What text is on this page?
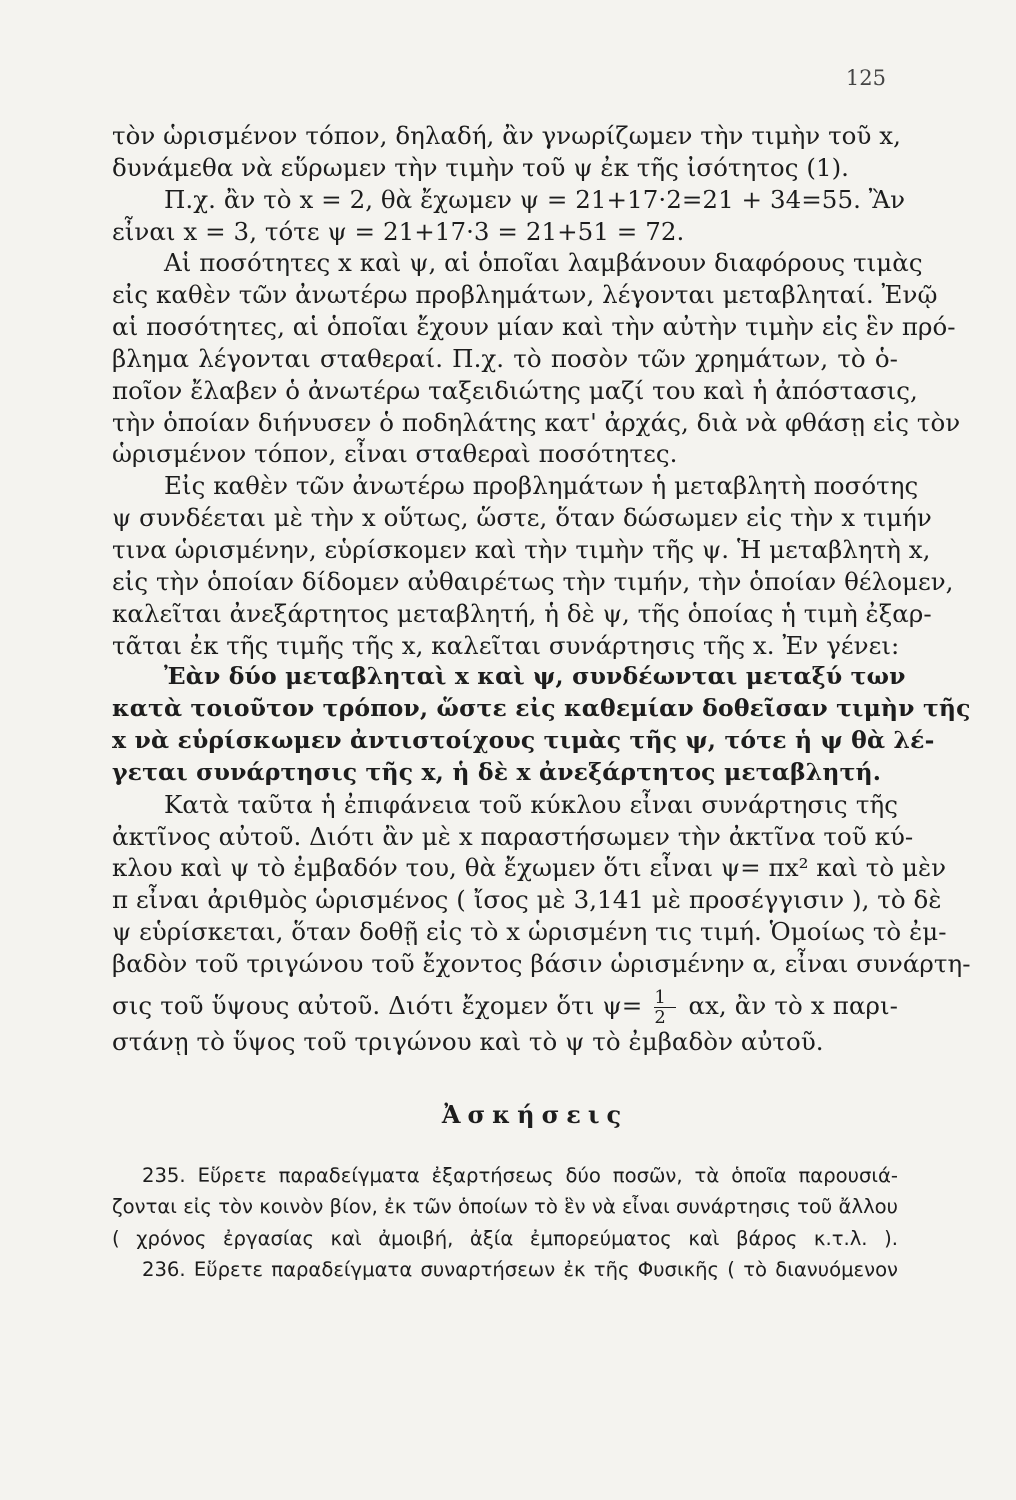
125
τὸν ὡρισμένον τόπον, δηλαδή, ἂν γνωρίζωμεν τὴν τιμὴν τοῦ x,
δυνάμεθα νὰ εὕρωμεν τὴν τιμὴν τοῦ ψ ἐκ τῆς ἰσότητος (1).
Π.χ. ἂν τὸ x = 2, θὰ ἔχωμεν ψ = 21+17·2=21 + 34=55. Ἂν
εἶναι x = 3, τότε ψ = 21+17·3 = 21+51 = 72.
Αἱ ποσότητες x καὶ ψ, αἱ ὁποῖαι λαμβάνουν διαφόρους τιμὰς
εἰς καθὲν τῶν ἀνωτέρω προβλημάτων, λέγονται μεταβληταί. Ἐνῷ
αἱ ποσότητες, αἱ ὁποῖαι ἔχουν μίαν καὶ τὴν αὐτὴν τιμὴν εἰς ἓν πρό-
βλημα λέγονται σταθεραί. Π.χ. τὸ ποσὸν τῶν χρημάτων, τὸ ὁ-
ποῖον ἔλαβεν ὁ ἀνωτέρω ταξειδιώτης μαζί του καὶ ἡ ἀπόστασις,
τὴν ὁποίαν διήνυσεν ὁ ποδηλάτης κατ' ἀρχάς, διὰ νὰ φθάσῃ εἰς τὸν
ὡρισμένον τόπον, εἶναι σταθεραὶ ποσότητες.
Εἰς καθὲν τῶν ἀνωτέρω προβλημάτων ἡ μεταβλητὴ ποσότης
ψ συνδέεται μὲ τὴν x οὕτως, ὥστε, ὅταν δώσωμεν εἰς τὴν x τιμήν
τινα ὡρισμένην, εὑρίσκομεν καὶ τὴν τιμὴν τῆς ψ. Ἡ μεταβλητὴ x,
εἰς τὴν ὁποίαν δίδομεν αὐθαιρέτως τὴν τιμήν, τὴν ὁποίαν θέλομεν,
καλεῖται ἀνεξάρτητος μεταβλητή, ἡ δὲ ψ, τῆς ὁποίας ἡ τιμὴ ἐξαρ-
τᾶται ἐκ τῆς τιμῆς τῆς x, καλεῖται συνάρτησις τῆς x. Ἐν γένει:
Ἐὰν δύο μεταβληταὶ x καὶ ψ, συνδέωνται μεταξύ των
κατὰ τοιοῦτον τρόπον, ὥστε εἰς καθεμίαν δοθεῖσαν τιμὴν τῆς
x νὰ εὑρίσκωμεν ἀντιστοίχους τιμὰς τῆς ψ, τότε ἡ ψ θὰ λέ-
γεται συνάρτησις τῆς x, ἡ δὲ x ἀνεξάρτητος μεταβλητή.
Κατὰ ταῦτα ἡ ἐπιφάνεια τοῦ κύκλου εἶναι συνάρτησις τῆς
ἀκτῖνος αὐτοῦ. Διότι ἂν μὲ x παραστήσωμεν τὴν ἀκτῖνα τοῦ κύ-
κλου καὶ ψ τὸ ἐμβαδόν του, θὰ ἔχωμεν ὅτι εἶναι ψ= πx² καὶ τὸ μὲν
π εἶναι ἀριθμὸς ὡρισμένος ( ἴσος μὲ 3,141 μὲ προσέγγισιν ), τὸ δὲ
ψ εὑρίσκεται, ὅταν δοθῇ εἰς τὸ x ὡρισμένη τις τιμή. Ὁμοίως τὸ ἐμ-
βαδὸν τοῦ τριγώνου τοῦ ἔχοντος βάσιν ὡρισμένην α, εἶναι συνάρτη-
σις τοῦ ὕψους αὐτοῦ. Διότι ἔχομεν ὅτι $\psi= \frac{1}{2} \alpha x$, ἂν τὸ x παρι-
στάνῃ τὸ ὕψος τοῦ τριγώνου καὶ τὸ ψ τὸ ἐμβαδὸν αὐτοῦ.
Ἀσκήσεις
235. Εὕρετε παραδείγματα ἐξαρτήσεως δύο ποσῶν, τὰ ὁποῖα παρουσιά-
ζονται εἰς τὸν κοινὸν βίον, ἐκ τῶν ὁποίων τὸ ἓν νὰ εἶναι συνάρτησις τοῦ ἄλλου
( χρόνος ἐργασίας καὶ ἀμοιβή, ἀξία ἐμπορεύματος καὶ βάρος κ.τ.λ. ).
236. Εὕρετε παραδείγματα συναρτήσεων ἐκ τῆς Φυσικῆς ( τὸ διανυόμενον
